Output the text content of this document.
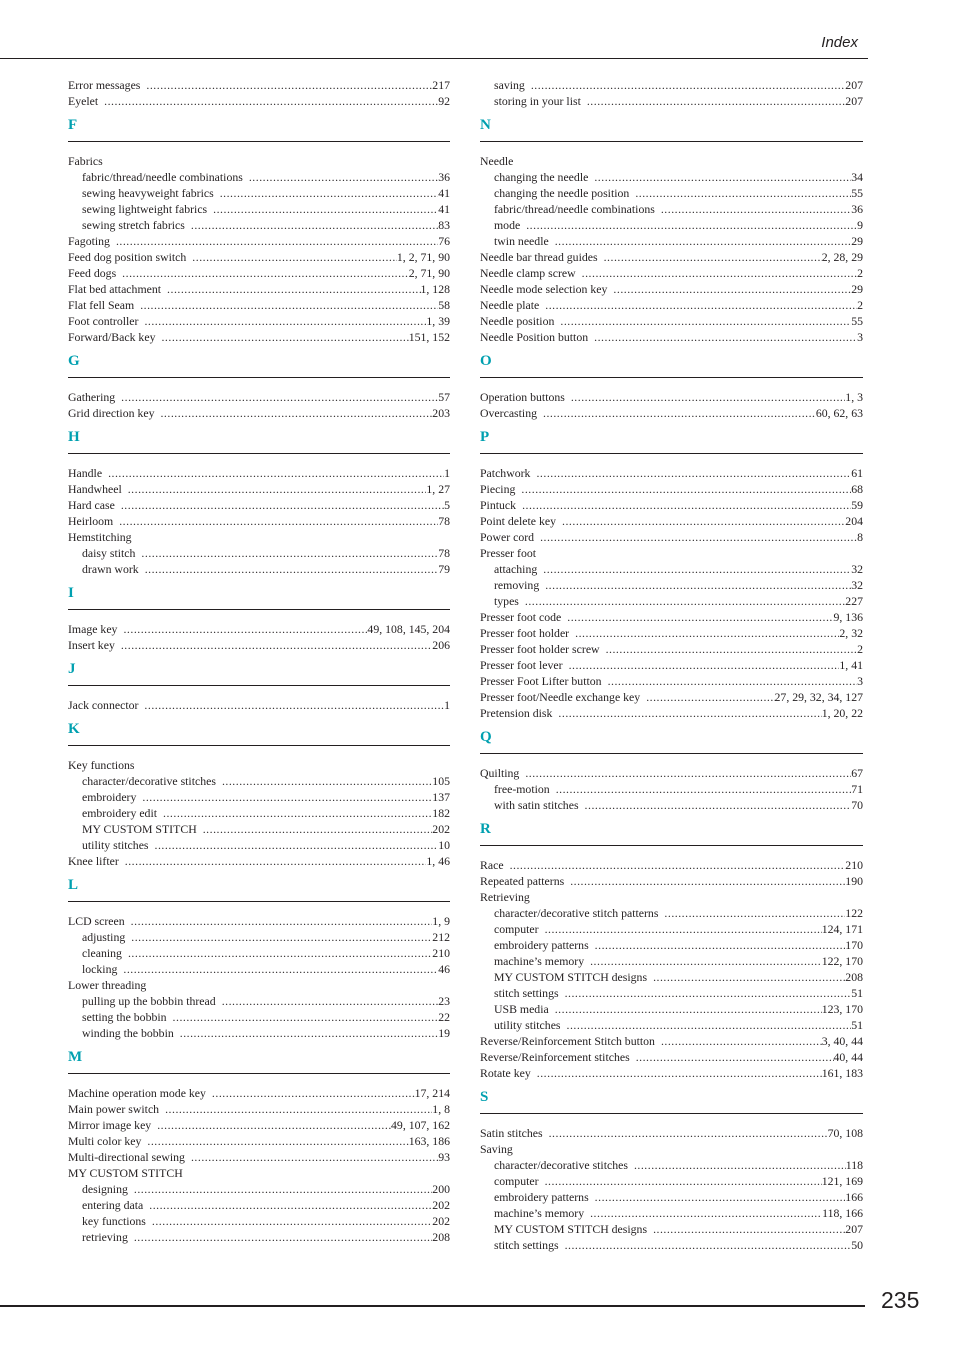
Index
Error messages .....	217
Eyelet .....	92
F
Fabrics
fabric/thread/needle combinations .....	36
sewing heavyweight fabrics .....	41
sewing lightweight fabrics .....	41
sewing stretch fabrics .....	83
Fagoting .....	76
Feed dog position switch .....	1, 2, 71, 90
Feed dogs .....	2, 71, 90
Flat bed attachment .....	1, 128
Flat fell Seam .....	58
Foot controller .....	1, 39
Forward/Back key .....	151, 152
G
Gathering .....	57
Grid direction key .....	203
H
Handle .....	1
Handwheel .....	1, 27
Hard case .....	5
Heirloom .....	78
Hemstitching
daisy stitch .....	78
drawn work .....	79
I
Image key .....	49, 108, 145, 204
Insert key .....	206
J
Jack connector .....	1
K
Key functions
character/decorative stitches .....	105
embroidery .....	137
embroidery edit .....	182
MY CUSTOM STITCH .....	202
utility stitches .....	10
Knee lifter .....	1, 46
L
LCD screen .....	1, 9
adjusting .....	212
cleaning .....	210
locking .....	46
Lower threading
pulling up the bobbin thread .....	23
setting the bobbin .....	22
winding the bobbin .....	19
M
Machine operation mode key .....	17, 214
Main power switch .....	1, 8
Mirror image key .....	49, 107, 162
Multi color key .....	163, 186
Multi-directional sewing .....	93
MY CUSTOM STITCH
designing .....	200
entering data .....	202
key functions .....	202
retrieving .....	208
saving .....	207
storing in your list .....	207
N
Needle
changing the needle .....	34
changing the needle position .....	55
fabric/thread/needle combinations .....	36
mode .....	9
twin needle .....	29
Needle bar thread guides .....	2, 28, 29
Needle clamp screw .....	2
Needle mode selection key .....	29
Needle plate .....	2
Needle position .....	55
Needle Position button .....	3
O
Operation buttons .....	1, 3
Overcasting .....	60, 62, 63
P
Patchwork .....	61
Piecing .....	68
Pintuck .....	59
Point delete key .....	204
Power cord .....	8
Presser foot
attaching .....	32
removing .....	32
types .....	227
Presser foot code .....	9, 136
Presser foot holder .....	2, 32
Presser foot holder screw .....	2
Presser foot lever .....	1, 41
Presser Foot Lifter button .....	3
Presser foot/Needle exchange key .....	27, 29, 32, 34, 127
Pretension disk .....	1, 20, 22
Q
Quilting .....	67
free-motion .....	71
with satin stitches .....	70
R
Race .....	210
Repeated patterns .....	190
Retrieving
character/decorative stitch patterns .....	122
computer .....	124, 171
embroidery patterns .....	170
machine’s memory .....	122, 170
MY CUSTOM STITCH designs .....	208
stitch settings .....	51
USB media .....	123, 170
utility stitches .....	51
Reverse/Reinforcement Stitch button .....	3, 40, 44
Reverse/Reinforcement stitches .....	40, 44
Rotate key .....	161, 183
S
Satin stitches .....	70, 108
Saving
character/decorative stitches .....	118
computer .....	121, 169
embroidery patterns .....	166
machine’s memory .....	118, 166
MY CUSTOM STITCH designs .....	207
stitch settings .....	50
235
